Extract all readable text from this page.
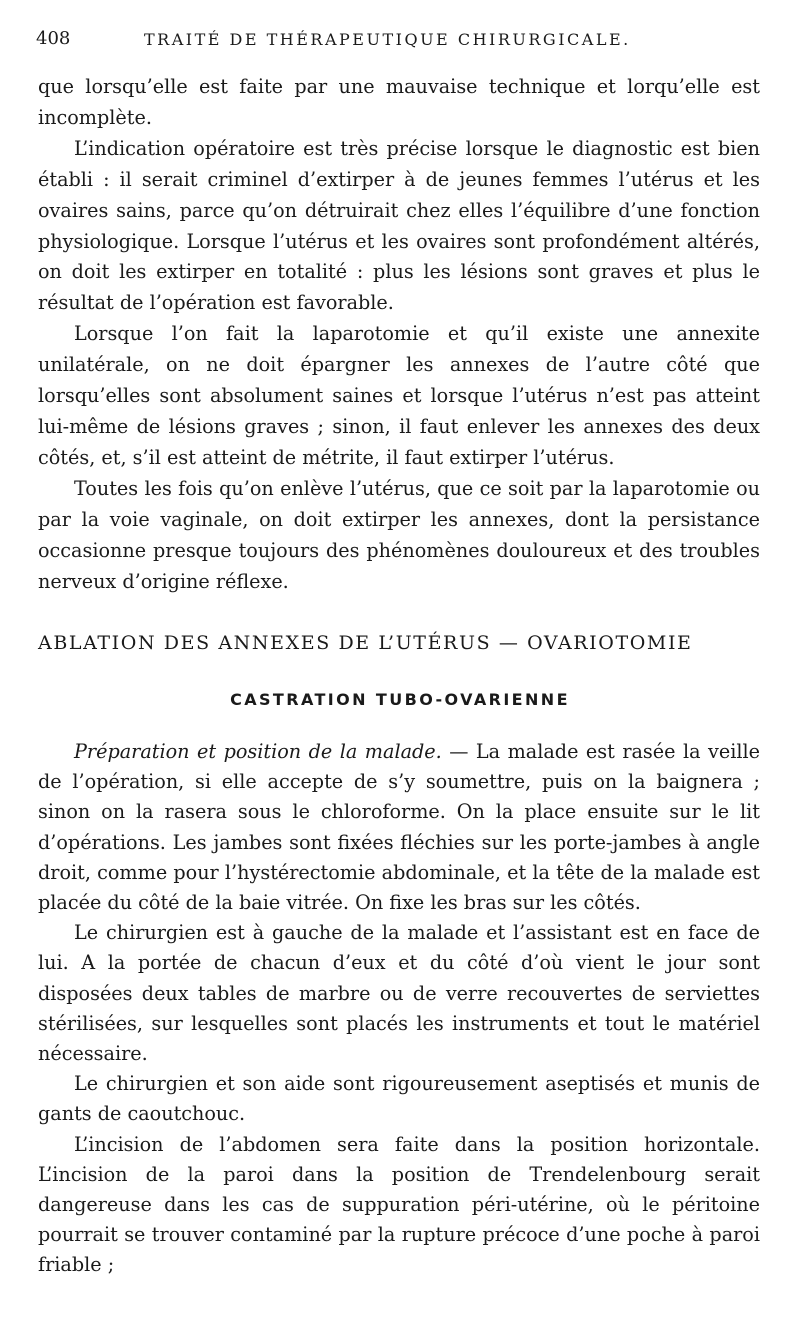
408	TRAITÉ DE THÉRAPEUTIQUE CHIRURGICALE.

que lorsqu’elle est faite par une mauvaise technique et lorqu’elle est incomplète.

L’indication opératoire est très précise lorsque le diagnostic est bien établi : il serait criminel d’extirper à de jeunes femmes l’utérus et les ovaires sains, parce qu’on détruirait chez elles l’équilibre d’une fonction physiologique. Lorsque l’utérus et les ovaires sont profondément altérés, on doit les extirper en totalité : plus les lésions sont graves et plus le résultat de l’opération est favorable.

Lorsque l’on fait la laparotomie et qu’il existe une annexite unilatérale, on ne doit épargner les annexes de l’autre côté que lorsqu’elles sont absolument saines et lorsque l’utérus n’est pas atteint lui-même de lésions graves ; sinon, il faut enlever les annexes des deux côtés, et, s’il est atteint de métrite, il faut extirper l’utérus.

Toutes les fois qu’on enlève l’utérus, que ce soit par la laparotomie ou par la voie vaginale, on doit extirper les annexes, dont la persistance occasionne presque toujours des phénomènes douloureux et des troubles nerveux d’origine réflexe.

ABLATION DES ANNEXES DE L’UTÉRUS — OVARIOTOMIE
CASTRATION TUBO-OVARIENNE

Préparation et position de la malade. — La malade est rasée la veille de l’opération, si elle accepte de s’y soumettre, puis on la baignera ; sinon on la rasera sous le chloroforme. On la place ensuite sur le lit d’opérations. Les jambes sont fixées fléchies sur les porte-jambes à angle droit, comme pour l’hystérectomie abdominale, et la tête de la malade est placée du côté de la baie vitrée. On fixe les bras sur les côtés.

Le chirurgien est à gauche de la malade et l’assistant est en face de lui. A la portée de chacun d’eux et du côté d’où vient le jour sont disposées deux tables de marbre ou de verre recouvertes de serviettes stérilisées, sur lesquelles sont placés les instruments et tout le matériel nécessaire.

Le chirurgien et son aide sont rigoureusement aseptisés et munis de gants de caoutchouc.

L’incision de l’abdomen sera faite dans la position horizontale. L’incision de la paroi dans la position de Trendelenbourg serait dangereuse dans les cas de suppuration péri-utérine, où le péritoine pourrait se trouver contaminé par la rupture précoce d’une poche à paroi friable ;
